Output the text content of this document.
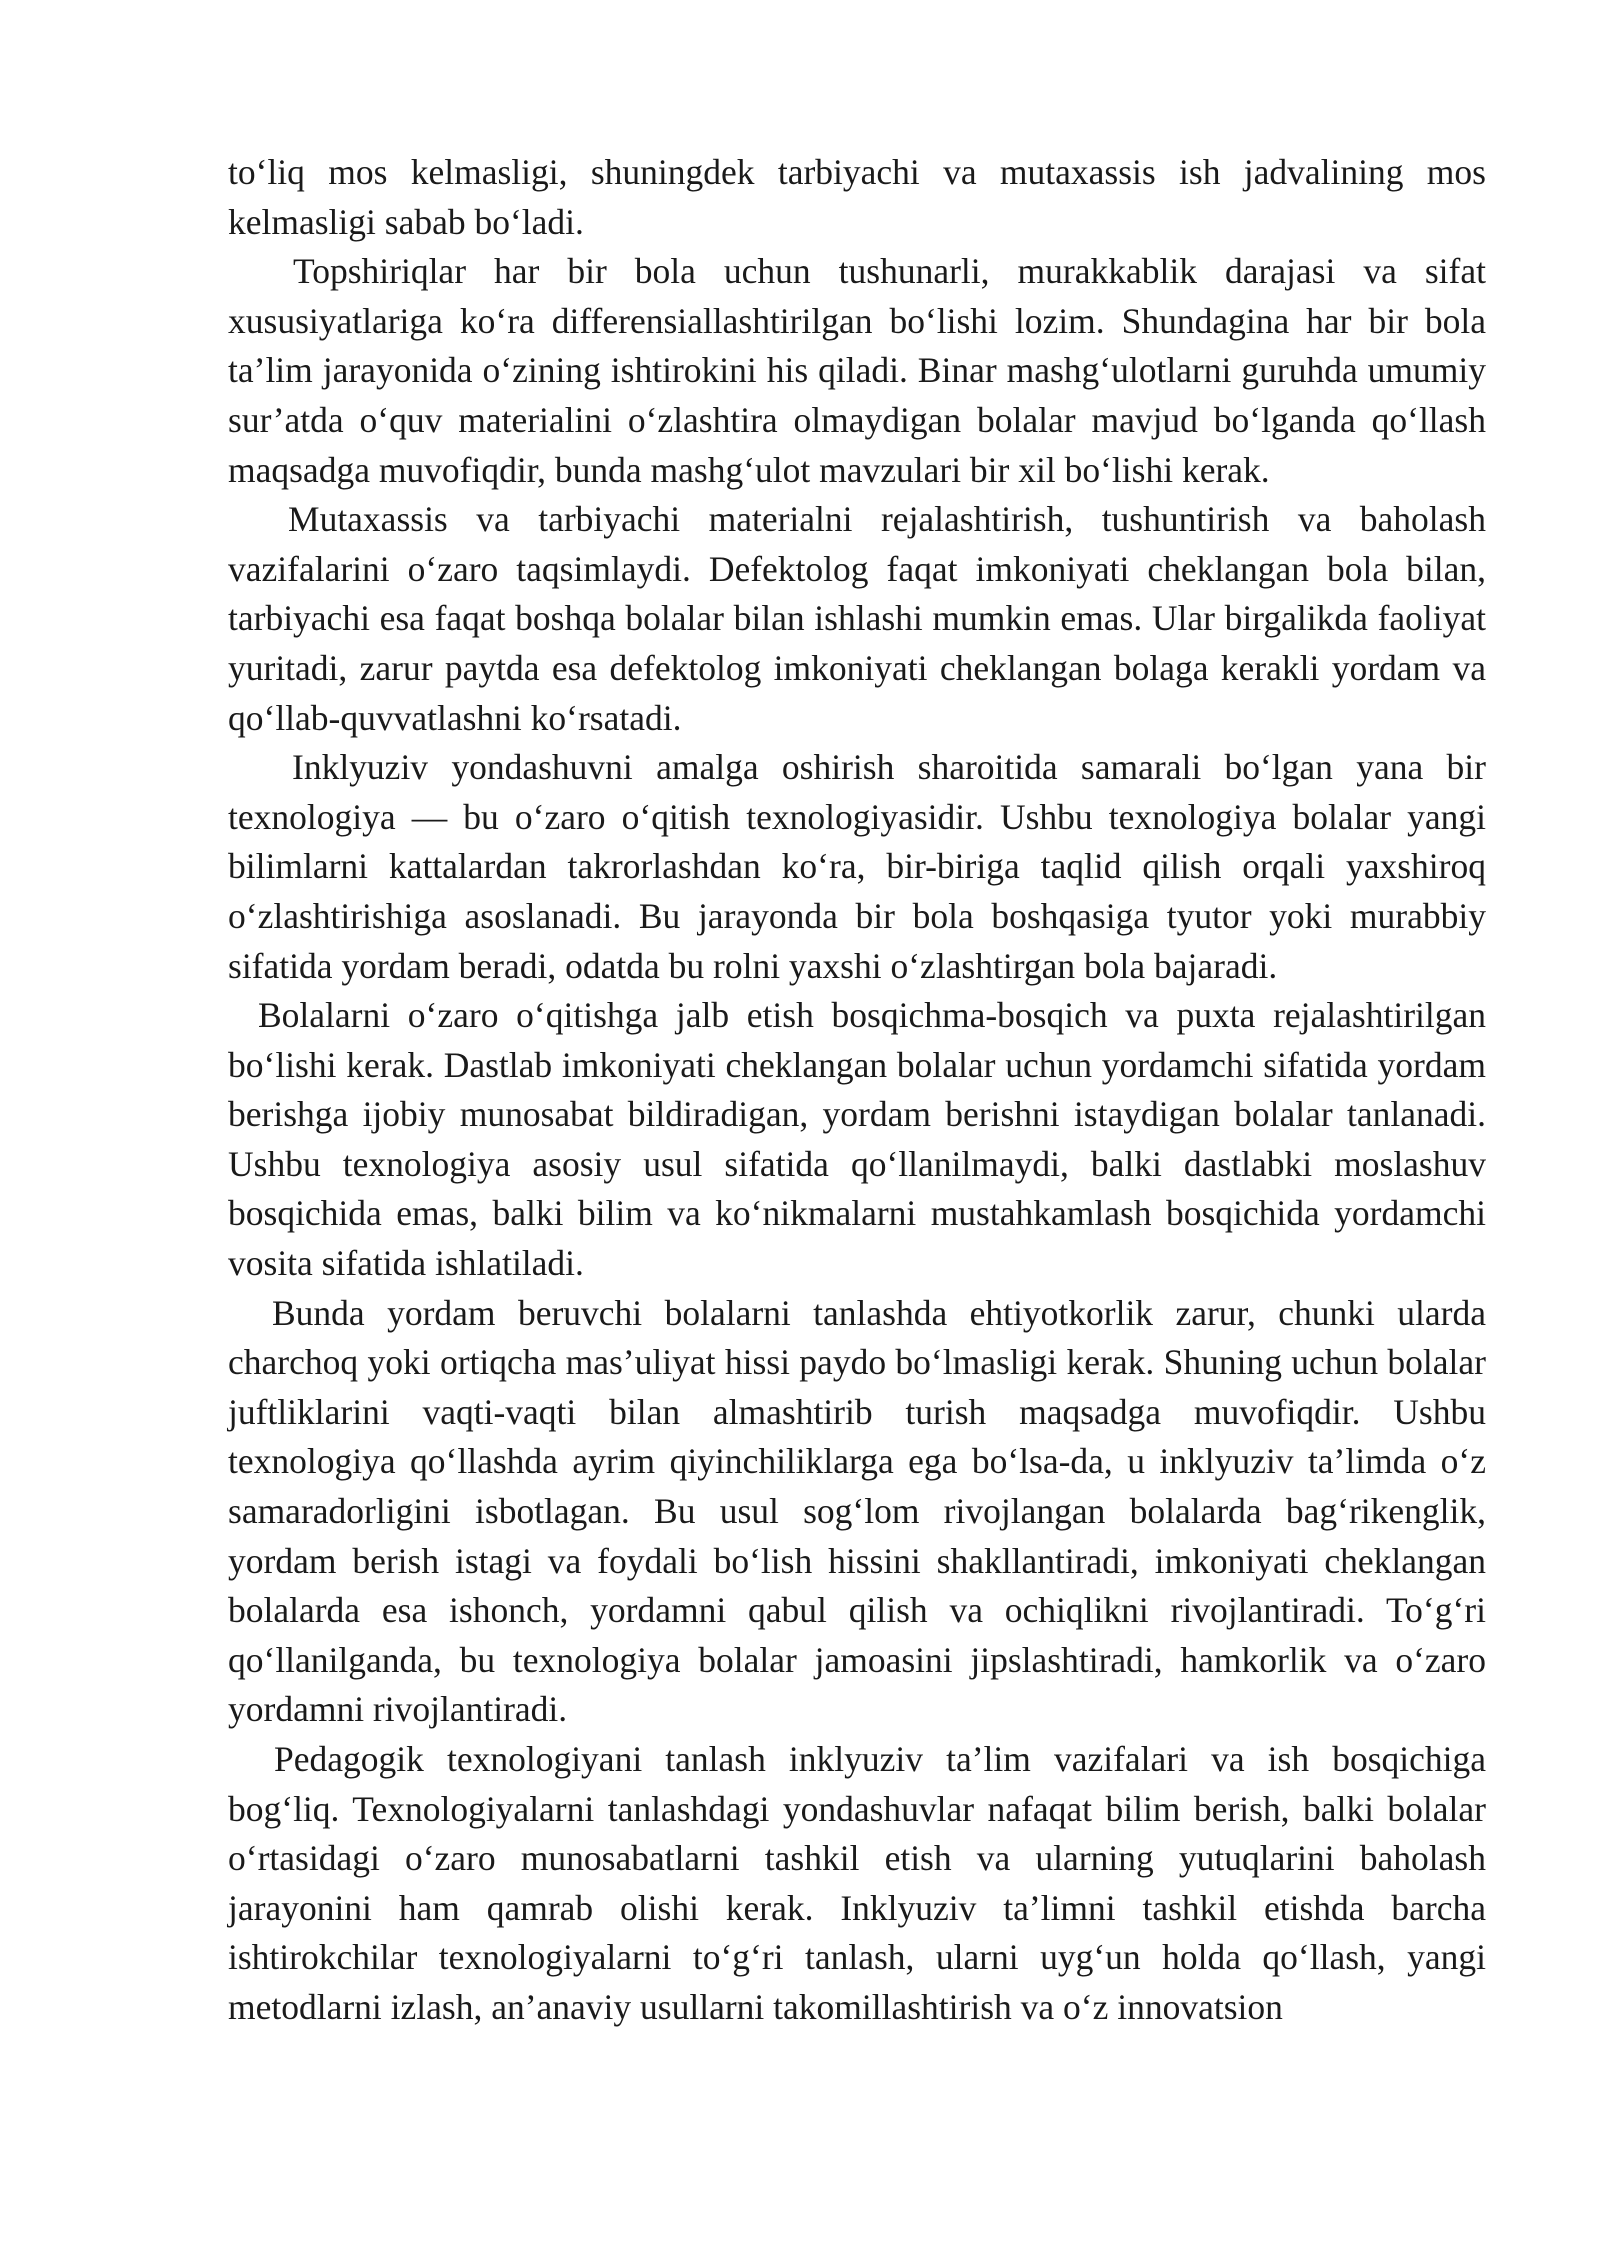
to‘liq mos kelmasligi, shuningdek tarbiyachi va mutaxassis ish jadvalining mos kelmasligi sabab bo‘ladi.

Topshiriqlar har bir bola uchun tushunarli, murakkablik darajasi va sifat xususiyatlariga ko‘ra differensiallashtirilgan bo‘lishi lozim. Shundagina har bir bola ta’lim jarayonida o‘zining ishtirokini his qiladi. Binar mashg‘ulotlarni guruhda umumiy sur’atda o‘quv materialini o‘zlashtira olmaydigan bolalar mavjud bo‘lganda qo‘llash maqsadga muvofiqdir, bunda mashg‘ulot mavzulari bir xil bo‘lishi kerak.

Mutaxassis va tarbiyachi materialni rejalashtirish, tushuntirish va baholash vazifalarini o‘zaro taqsimlaydi. Defektolog faqat imkoniyati cheklangan bola bilan, tarbiyachi esa faqat boshqa bolalar bilan ishlashi mumkin emas. Ular birgalikda faoliyat yuritadi, zarur paytda esa defektolog imkoniyati cheklangan bolaga kerakli yordam va qo‘llab-quvvatlashni ko‘rsatadi.

Inklyuziv yondashuvni amalga oshirish sharoitida samarali bo‘lgan yana bir texnologiya — bu o‘zaro o‘qitish texnologiyasidir. Ushbu texnologiya bolalar yangi bilimlarni kattalardan takrorlashdan ko‘ra, bir-biriga taqlid qilish orqali yaxshiroq o‘zlashtirishiga asoslanadi. Bu jarayonda bir bola boshqasiga tyutor yoki murabbiy sifatida yordam beradi, odatda bu rolni yaxshi o‘zlashtirgan bola bajaradi.

Bolalarni o‘zaro o‘qitishga jalb etish bosqichma-bosqich va puxta rejalashtirilgan bo‘lishi kerak. Dastlab imkoniyati cheklangan bolalar uchun yordamchi sifatida yordam berishga ijobiy munosabat bildiradigan, yordam berishni istaydigan bolalar tanlanadi. Ushbu texnologiya asosiy usul sifatida qo‘llanilmaydi, balki dastlabki moslashuv bosqichida emas, balki bilim va ko‘nikmalarni mustahkamlash bosqichida yordamchi vosita sifatida ishlatiladi.

Bunda yordam beruvchi bolalarni tanlashda ehtiyotkorlik zarur, chunki ularda charchoq yoki ortiqcha mas’uliyat hissi paydo bo‘lmasligi kerak. Shuning uchun bolalar juftliklarini vaqti-vaqti bilan almashtirib turish maqsadga muvofiqdir. Ushbu texnologiya qo‘llashda ayrim qiyinchiliklarga ega bo‘lsa-da, u inklyuziv ta’limda o‘z samaradorligini isbotlagan. Bu usul sog‘lom rivojlangan bolalarda bag‘rikenglik, yordam berish istagi va foydali bo‘lish hissini shakllantiradi, imkoniyati cheklangan bolalarda esa ishonch, yordamni qabul qilish va ochiqlikni rivojlantiradi. To‘g‘ri qo‘llanilganda, bu texnologiya bolalar jamoasini jipslashtiradi, hamkorlik va o‘zaro yordamni rivojlantiradi.

Pedagogik texnologiyani tanlash inklyuziv ta’lim vazifalari va ish bosqichiga bog‘liq. Texnologiyalarni tanlashdagi yondashuvlar nafaqat bilim berish, balki bolalar o‘rtasidagi o‘zaro munosabatlarni tashkil etish va ularning yutuqlarini baholash jarayonini ham qamrab olishi kerak. Inklyuziv ta’limni tashkil etishda barcha ishtirokchilar texnologiyalarni to‘g‘ri tanlash, ularni uyg‘un holda qo‘llash, yangi metodlarni izlash, an’anaviy usullarni takomillashtirish va o‘z innovatsion
